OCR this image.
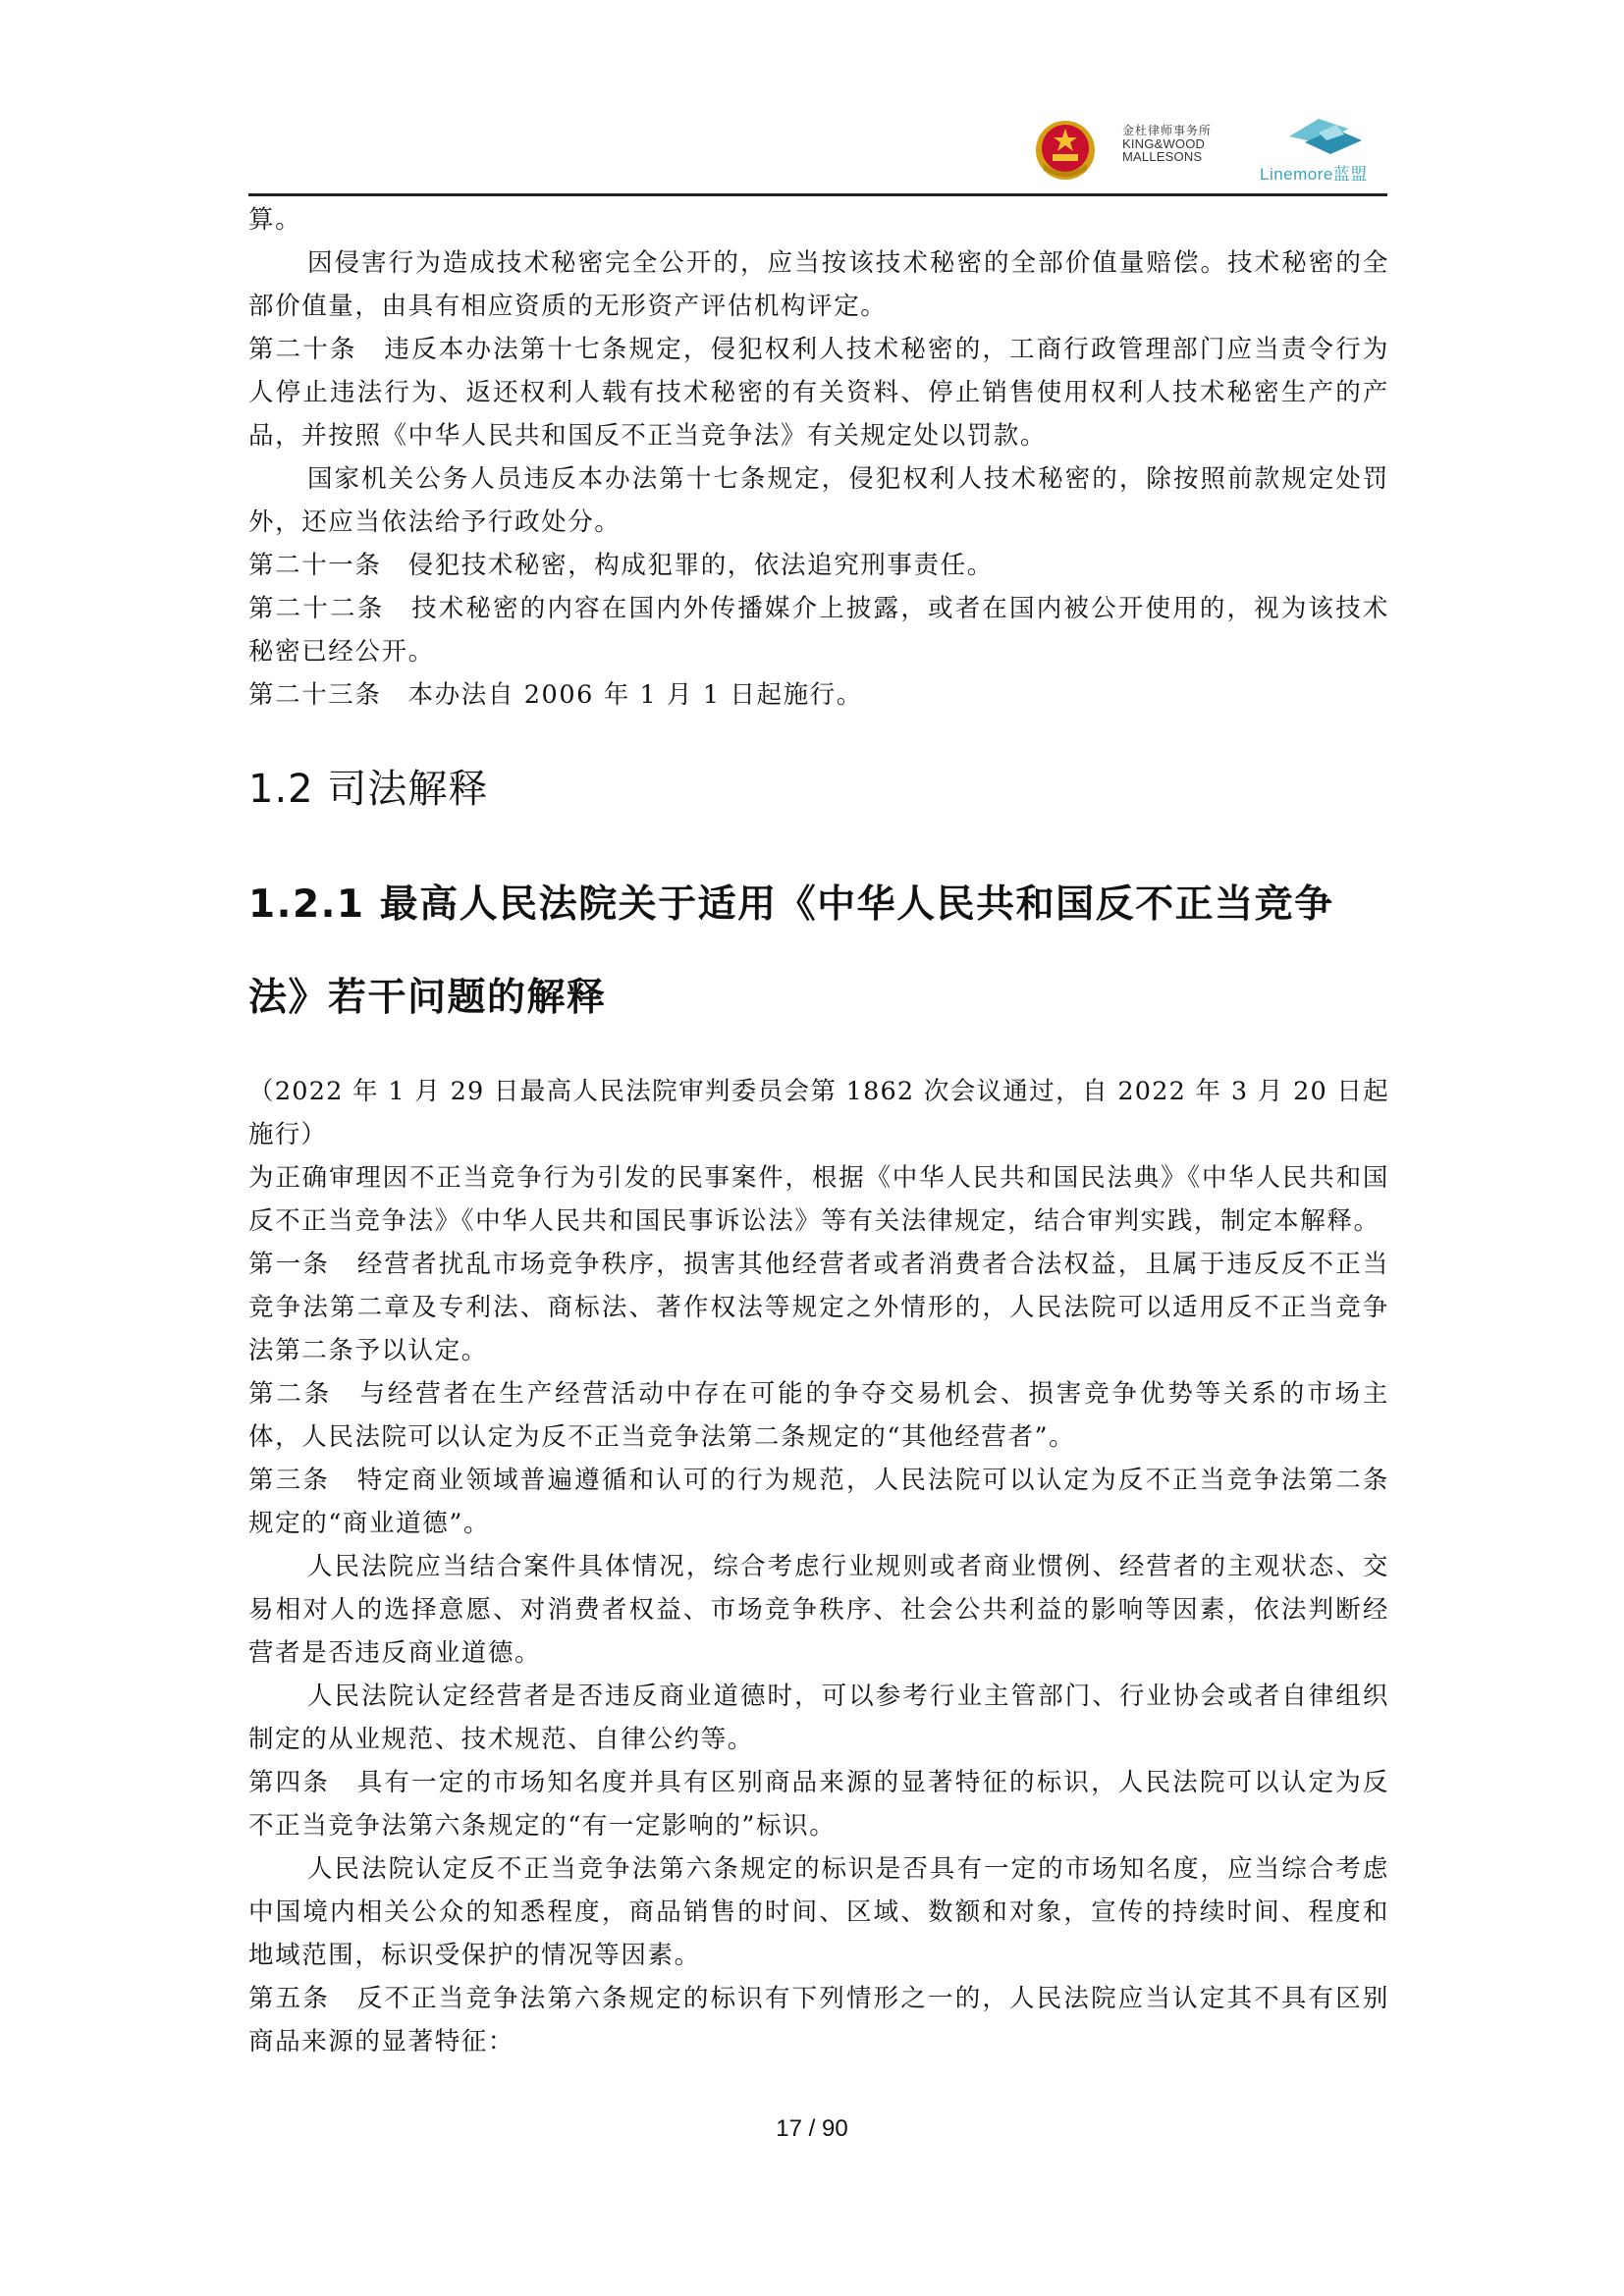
金杜律师事务所
KING&WOOD
MALLESONS
Linemore蓝盟

算。

因侵害行为造成技术秘密完全公开的，应当按该技术秘密的全部价值量赔偿。技术秘密的全部价值量，由具有相应资质的无形资产评估机构评定。

第二十条　违反本办法第十七条规定，侵犯权利人技术秘密的，工商行政管理部门应当责令行为人停止违法行为、返还权利人载有技术秘密的有关资料、停止销售使用权利人技术秘密生产的产品，并按照《中华人民共和国反不正当竞争法》有关规定处以罚款。

国家机关公务人员违反本办法第十七条规定，侵犯权利人技术秘密的，除按照前款规定处罚外，还应当依法给予行政处分。

第二十一条　侵犯技术秘密，构成犯罪的，依法追究刑事责任。

第二十二条　技术秘密的内容在国内外传播媒介上披露，或者在国内被公开使用的，视为该技术秘密已经公开。

第二十三条　本办法自 2006 年 1 月 1 日起施行。

1.2 司法解释
1.2.1 最高人民法院关于适用《中华人民共和国反不正当竞争法》若干问题的解释

（2022 年 1 月 29 日最高人民法院审判委员会第 1862 次会议通过，自 2022 年 3 月 20 日起施行）

为正确审理因不正当竞争行为引发的民事案件，根据《中华人民共和国民法典》《中华人民共和国反不正当竞争法》《中华人民共和国民事诉讼法》等有关法律规定，结合审判实践，制定本解释。

第一条　经营者扰乱市场竞争秩序，损害其他经营者或者消费者合法权益，且属于违反反不正当竞争法第二章及专利法、商标法、著作权法等规定之外情形的，人民法院可以适用反不正当竞争法第二条予以认定。

第二条　与经营者在生产经营活动中存在可能的争夺交易机会、损害竞争优势等关系的市场主体，人民法院可以认定为反不正当竞争法第二条规定的“其他经营者”。

第三条　特定商业领域普遍遵循和认可的行为规范，人民法院可以认定为反不正当竞争法第二条规定的“商业道德”。

人民法院应当结合案件具体情况，综合考虑行业规则或者商业惯例、经营者的主观状态、交易相对人的选择意愿、对消费者权益、市场竞争秩序、社会公共利益的影响等因素，依法判断经营者是否违反商业道德。

人民法院认定经营者是否违反商业道德时，可以参考行业主管部门、行业协会或者自律组织制定的从业规范、技术规范、自律公约等。

第四条　具有一定的市场知名度并具有区别商品来源的显著特征的标识，人民法院可以认定为反不正当竞争法第六条规定的“有一定影响的”标识。

人民法院认定反不正当竞争法第六条规定的标识是否具有一定的市场知名度，应当综合考虑中国境内相关公众的知悉程度，商品销售的时间、区域、数额和对象，宣传的持续时间、程度和地域范围，标识受保护的情况等因素。

第五条　反不正当竞争法第六条规定的标识有下列情形之一的，人民法院应当认定其不具有区别商品来源的显著特征：

17 / 90
